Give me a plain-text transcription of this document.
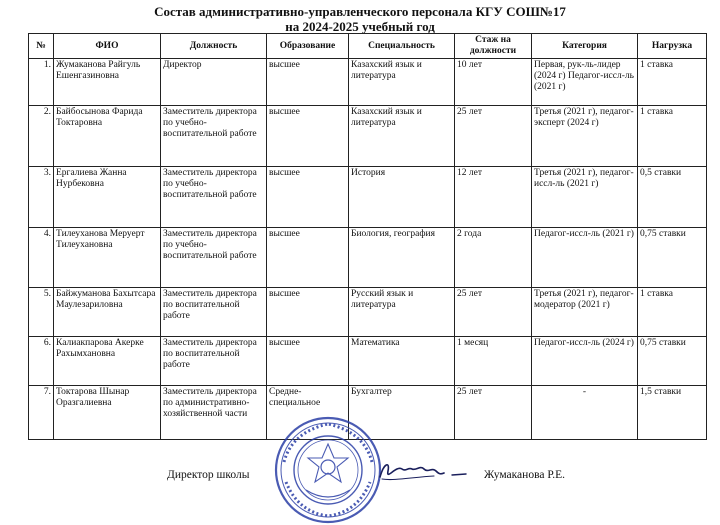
Состав административно-управленческого персонала КГУ СОШ№17
на 2024-2025 учебный год
№	ФИО	Должность	Образование	Специальность	Стаж на должности	Категория	Нагрузка
1.	Жумаканова Райгуль Ешенгазиновна	Директор	высшее	Казахский язык и литература	10 лет	Первая, рук-ль-лидер (2024 г) Педагог-иссл-ль (2021 г)	1 ставка
2.	Байбосынова Фарида Токтаровна	Заместитель директора по учебно-воспитательной работе	высшее	Казахский язык и литература	25 лет	Третья (2021 г), педагог-эксперт (2024 г)	1 ставка
3.	Ергалиева Жанна Нурбековна	Заместитель директора по учебно-воспитательной работе	высшее	История	12 лет	Третья (2021 г), педагог-иссл-ль (2021 г)	0,5 ставки
4.	Тилеуханова Меруерт Тилеухановна	Заместитель директора по учебно-воспитательной работе	высшее	Биология, география	2 года	Педагог-иссл-ль (2021 г)	0,75 ставки
5.	Байжуманова Бахытсара Маулезариловна	Заместитель директора по воспитательной работе	высшее	Русский язык и литература	25 лет	Третья (2021 г), педагог-модератор (2021 г)	1 ставка
6.	Калиакпарова Акерке Рахымхановна	Заместитель директора по воспитательной работе	высшее	Математика	1 месяц	Педагог-иссл-ль (2024 г)	0,75 ставки
7.	Токтарова Шынар Оразгалиевна	Заместитель директора по административно-хозяйственной части	Средне-специальное	Бухгалтер	25 лет	-	1,5 ставки
Директор школы	Жумаканова Р.Е.
